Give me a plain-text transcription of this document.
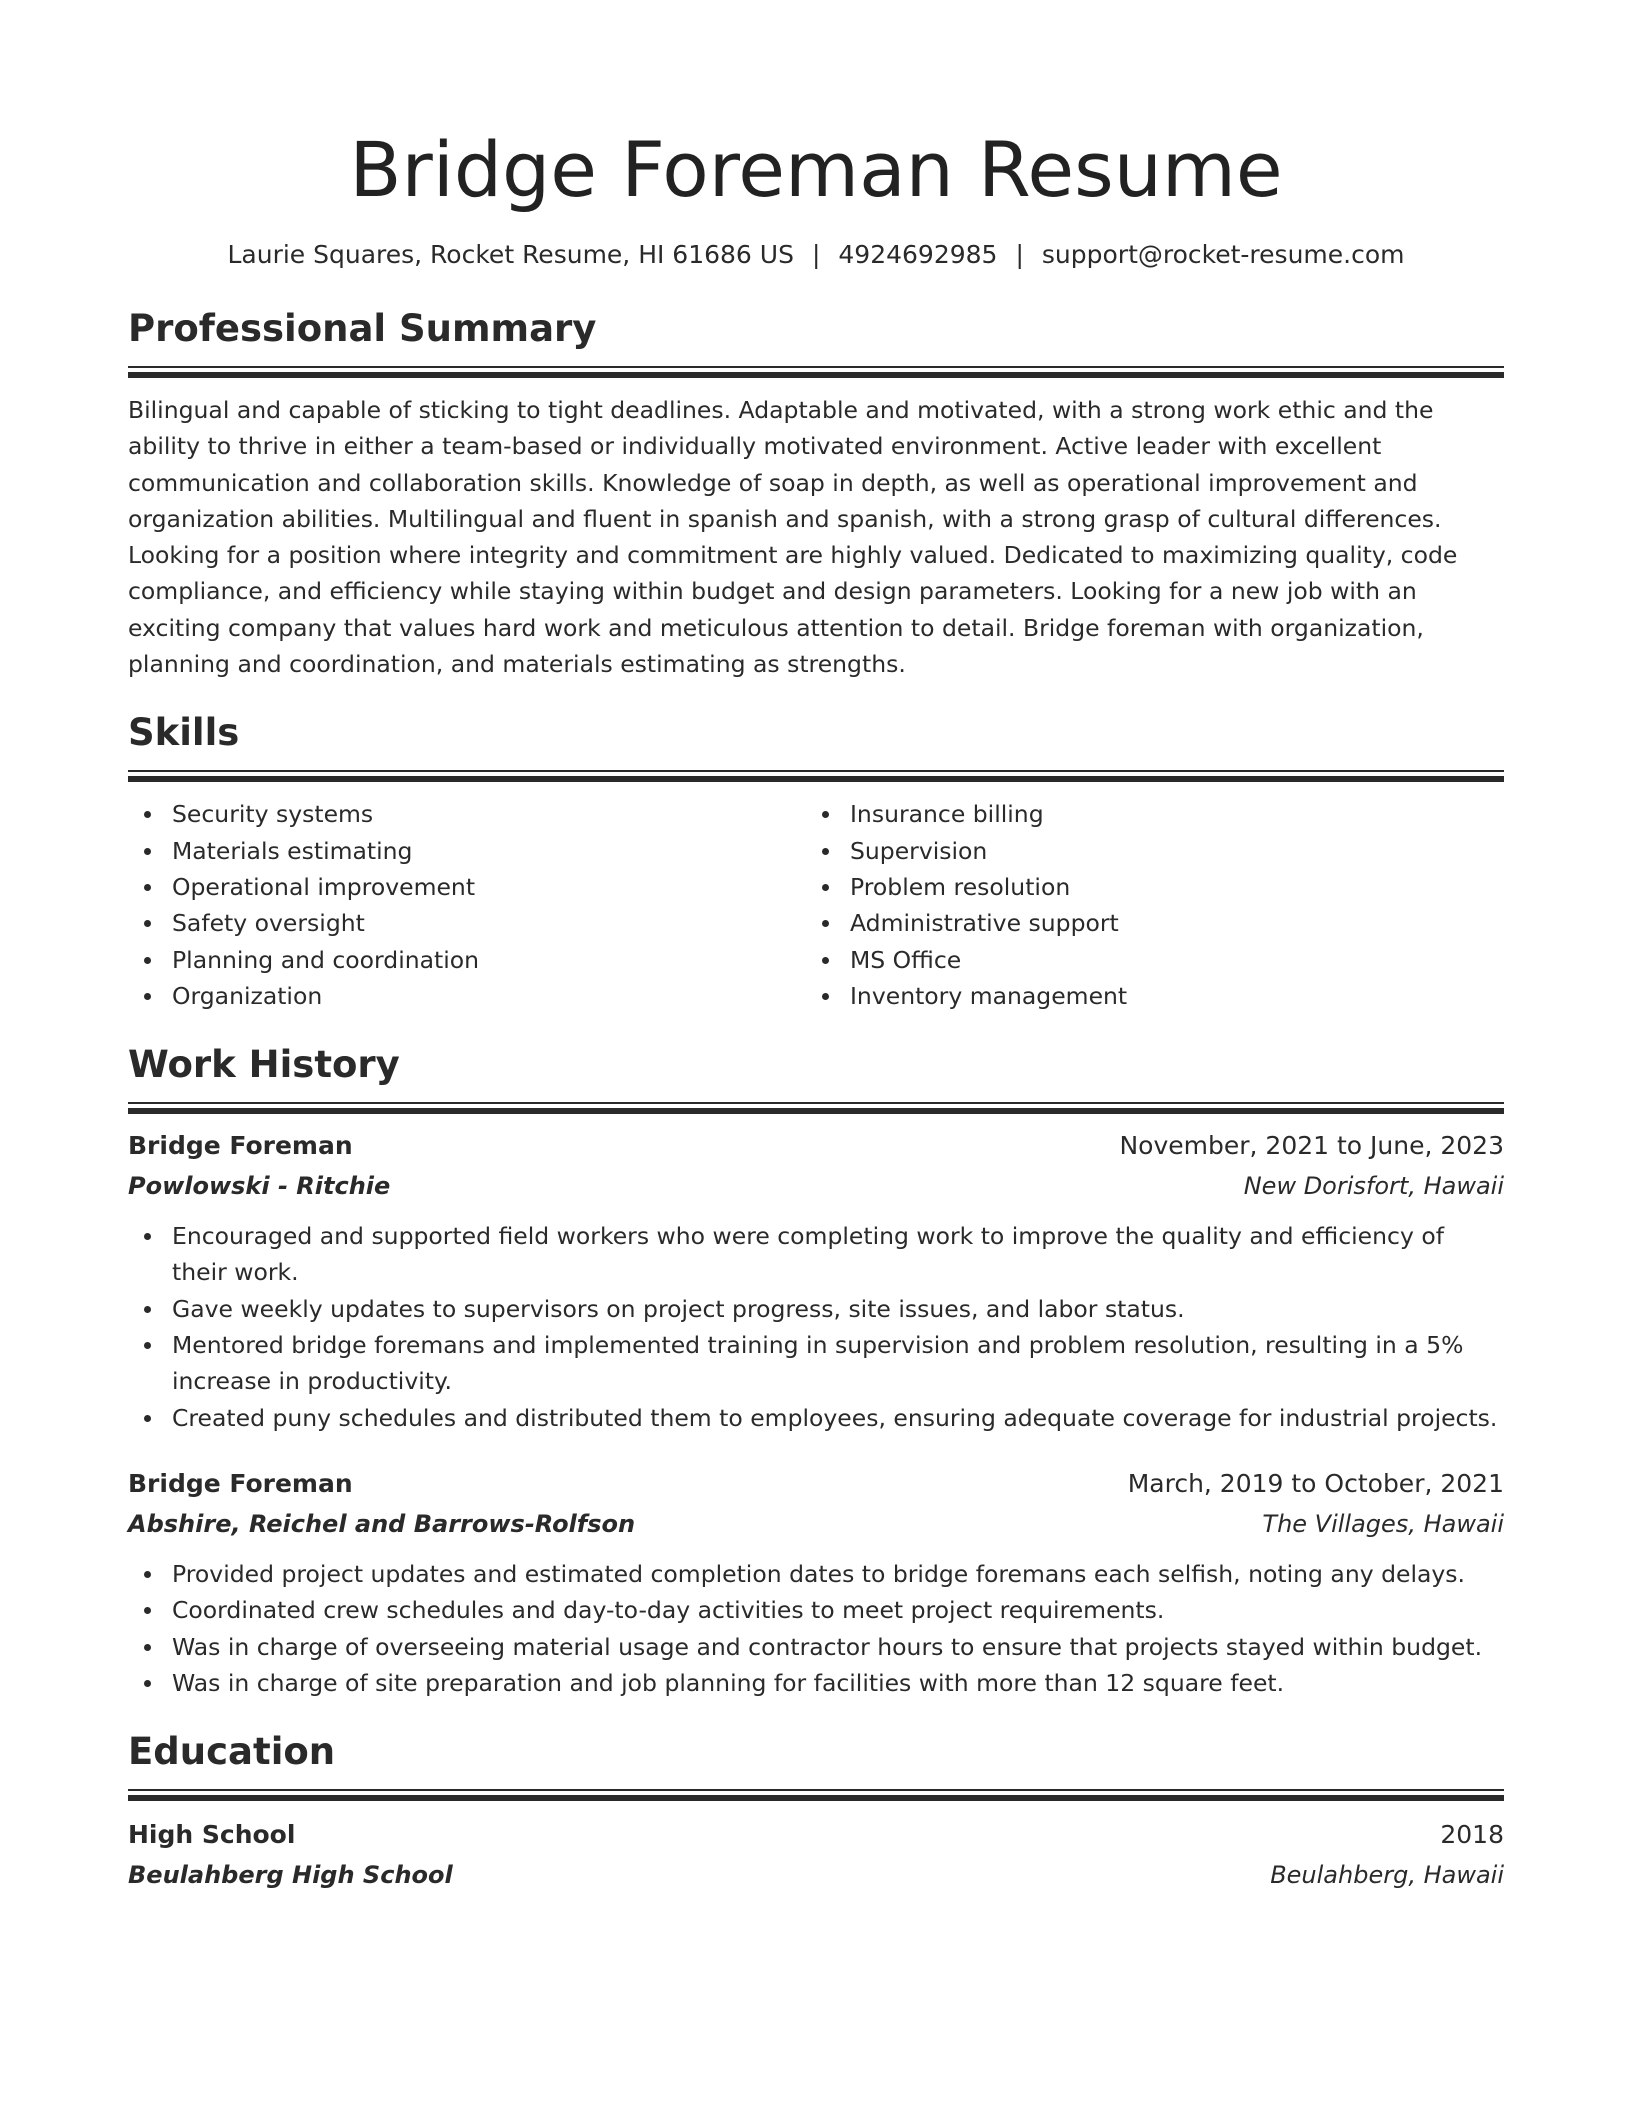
Bridge Foreman Resume
Laurie Squares, Rocket Resume, HI 61686 US | 4924692985 | support@rocket-resume.com
Professional Summary

Bilingual and capable of sticking to tight deadlines. Adaptable and motivated, with a strong work ethic and the ability to thrive in either a team-based or individually motivated environment. Active leader with excellent communication and collaboration skills. Knowledge of soap in depth, as well as operational improvement and organization abilities. Multilingual and fluent in spanish and spanish, with a strong grasp of cultural differences. Looking for a position where integrity and commitment are highly valued. Dedicated to maximizing quality, code compliance, and efficiency while staying within budget and design parameters. Looking for a new job with an exciting company that values hard work and meticulous attention to detail. Bridge foreman with organization, planning and coordination, and materials estimating as strengths.

Skills
Security systems
Materials estimating
Operational improvement
Safety oversight
Planning and coordination
Organization
Insurance billing
Supervision
Problem resolution
Administrative support
MS Office
Inventory management
Work History
Bridge Foreman	November, 2021 to June, 2023
Powlowski - Ritchie	New Dorisfort, Hawaii
Encouraged and supported field workers who were completing work to improve the quality and efficiency of their work.
Gave weekly updates to supervisors on project progress, site issues, and labor status.
Mentored bridge foremans and implemented training in supervision and problem resolution, resulting in a 5% increase in productivity.
Created puny schedules and distributed them to employees, ensuring adequate coverage for industrial projects.
Bridge Foreman	March, 2019 to October, 2021
Abshire, Reichel and Barrows-Rolfson	The Villages, Hawaii
Provided project updates and estimated completion dates to bridge foremans each selfish, noting any delays.
Coordinated crew schedules and day-to-day activities to meet project requirements.
Was in charge of overseeing material usage and contractor hours to ensure that projects stayed within budget.
Was in charge of site preparation and job planning for facilities with more than 12 square feet.
Education
High School	2018
Beulahberg High School	Beulahberg, Hawaii
